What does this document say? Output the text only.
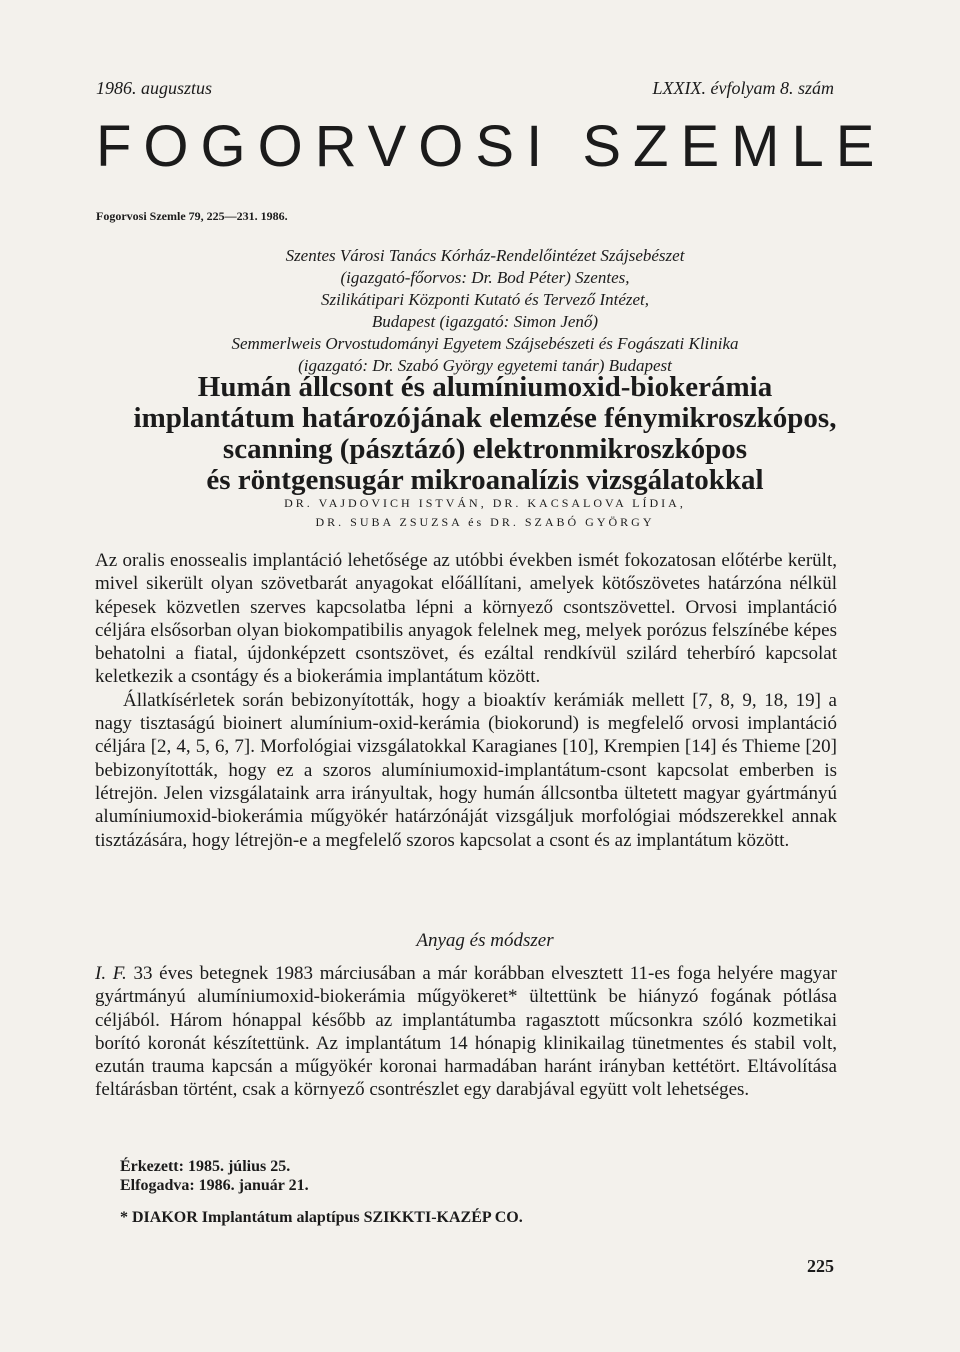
1986. augusztus	LXXIX. évfolyam 8. szám
FOGORVOSI SZEMLE
Fogorvosi Szemle 79, 225—231. 1986.
Szentes Városi Tanács Kórház-Rendelőintézet Szájsebészet
(igazgató-főorvos: Dr. Bod Péter) Szentes,
Szilikátipari Központi Kutató és Tervező Intézet,
Budapest (igazgató: Simon Jenő)
Semmerlweis Orvostudományi Egyetem Szájsebészeti és Fogászati Klinika
(igazgató: Dr. Szabó György egyetemi tanár) Budapest
Humán állcsont és alumíniumoxid-biokerámia
implantátum határozójának elemzése fénymikroszkópos,
scanning (pásztázó) elektronmikroszkópos
és röntgensugár mikroanalízis vizsgálatokkal
DR. VAJDOVICH ISTVÁN, DR. KACSALOVA LÍDIA,
DR. SUBA ZSUZSA és DR. SZABÓ GYÖRGY

Az oralis enossealis implantáció lehetősége az utóbbi években ismét fokozatosan előtérbe került, mivel sikerült olyan szövetbarát anyagokat előállítani, amelyek kötőszövetes határzóna nélkül képesek közvetlen szerves kapcsolatba lépni a környező csontszövettel. Orvosi implantáció céljára elsősorban olyan biokompatibilis anyagok felelnek meg, melyek porózus felszínébe képes behatolni a fiatal, újdonképzett csontszövet, és ezáltal rendkívül szilárd teherbíró kapcsolat keletkezik a csontágy és a biokerámia implantátum között.

Állatkísérletek során bebizonyították, hogy a bioaktív kerámiák mellett [7, 8, 9, 18, 19] a nagy tisztaságú bioinert alumínium-oxid-kerámia (biokorund) is megfelelő orvosi implantáció céljára [2, 4, 5, 6, 7]. Morfológiai vizsgálatokkal Karagianes [10], Krempien [14] és Thieme [20] bebizonyították, hogy ez a szoros alumíniumoxid-implantátum-csont kapcsolat emberben is létrejön. Jelen vizsgálataink arra irányultak, hogy humán állcsontba ültetett magyar gyártmányú alumíniumoxid-biokerámia műgyökér határzónáját vizsgáljuk morfológiai módszerekkel annak tisztázására, hogy létrejön-e a megfelelő szoros kapcsolat a csont és az implantátum között.

Anyag és módszer

I. F. 33 éves betegnek 1983 márciusában a már korábban elvesztett 11-es foga helyére magyar gyártmányú alumíniumoxid-biokerámia műgyökeret* ültettünk be hiányzó fogának pótlása céljából. Három hónappal később az implantátumba ragasztott műcsonkra szóló kozmetikai borító koronát készítettünk. Az implantátum 14 hónapig klinikailag tünetmentes és stabil volt, ezután trauma kapcsán a műgyökér koronai harmadában haránt irányban kettétört. Eltávolítása feltárásban történt, csak a környező csontrészlet egy darabjával együtt volt lehetséges.

Érkezett: 1985. július 25.
Elfogadva: 1986. január 21.
* DIAKOR Implantátum alaptípus SZIKKTI-KAZÉP CO.
225
